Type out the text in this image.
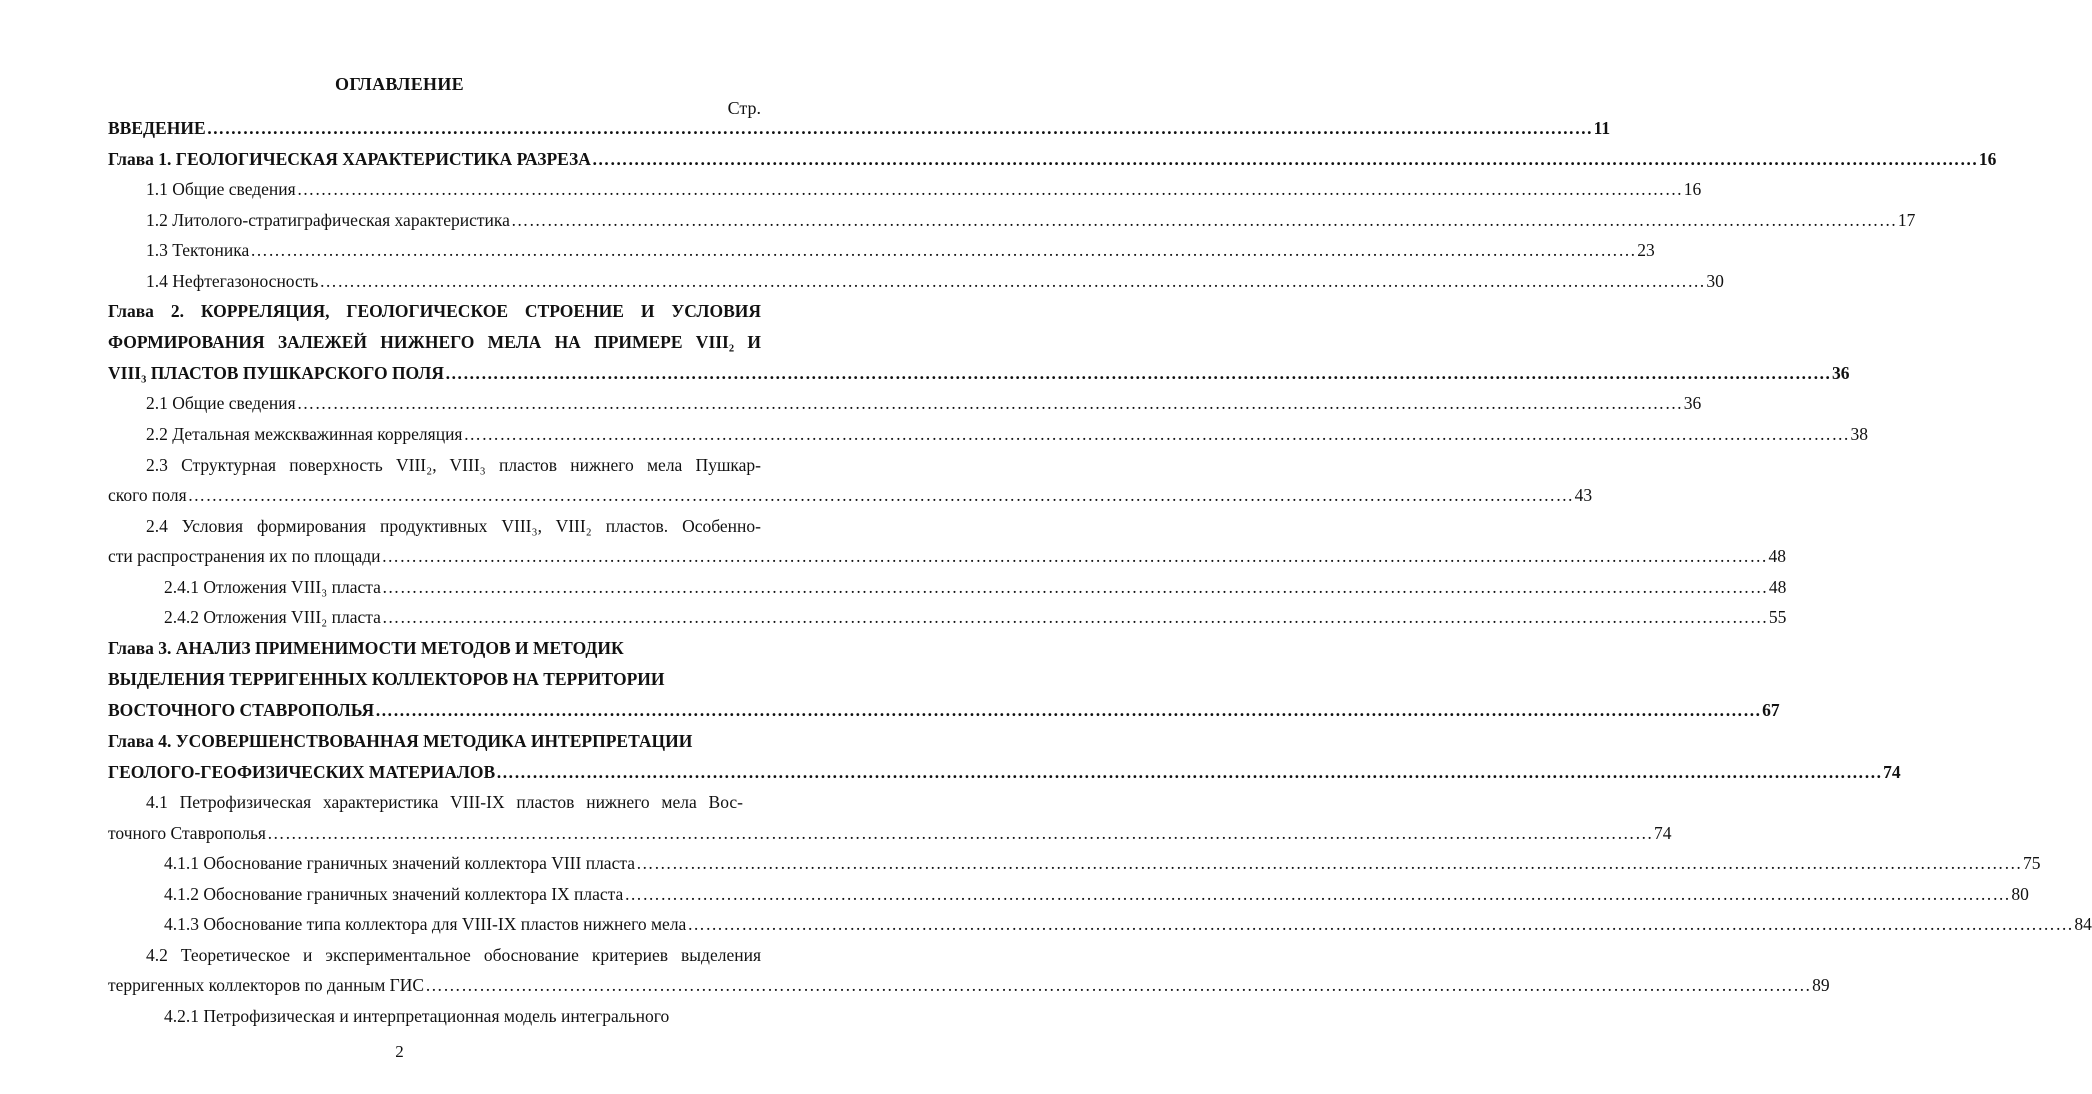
ОГЛАВЛЕНИЕ
Стр.
ВВЕДЕНИЕ …………………………………………………………………………………………………………………………………………………………………………………………………………… 11
Глава 1. ГЕОЛОГИЧЕСКАЯ ХАРАКТЕРИСТИКА РАЗРЕЗА …………………………………………………………………………………………………………………………………………………………………………………………………………… 16
1.1 Общие сведения …………………………………………………………………………………………………………………………………………………………………………………………………………… 16
1.2 Литолого-стратиграфическая характеристика …………………………………………………………………………………………………………………………………………………………………………………………………………… 17
1.3 Тектоника …………………………………………………………………………………………………………………………………………………………………………………………………………… 23
1.4 Нефтегазоносность …………………………………………………………………………………………………………………………………………………………………………………………………………… 30
Глава 2. КОРРЕЛЯЦИЯ, ГЕОЛОГИЧЕСКОЕ СТРОЕНИЕ И УСЛОВИЯ
ФОРМИРОВАНИЯ ЗАЛЕЖЕЙ НИЖНЕГО МЕЛА НА ПРИМЕРЕ VIII₂ И
VIII₃ ПЛАСТОВ ПУШКАРСКОГО ПОЛЯ …………………………………………………………………………………………………………………………………………………………………………………………………………… 36
2.1 Общие сведения …………………………………………………………………………………………………………………………………………………………………………………………………………… 36
2.2 Детальная межскважинная корреляция …………………………………………………………………………………………………………………………………………………………………………………………………………… 38
2.3 Структурная поверхность VIII₂, VIII₃ пластов нижнего мела Пушкар-
ского поля …………………………………………………………………………………………………………………………………………………………………………………………………………… 43
2.4 Условия формирования продуктивных VIII₃, VIII₂ пластов. Особенно-
сти распространения их по площади …………………………………………………………………………………………………………………………………………………………………………………………………………… 48
2.4.1 Отложения VIII₃ пласта …………………………………………………………………………………………………………………………………………………………………………………………………………… 48
2.4.2 Отложения VIII₂ пласта …………………………………………………………………………………………………………………………………………………………………………………………………………… 55
Глава 3. АНАЛИЗ ПРИМЕНИМОСТИ МЕТОДОВ И МЕТОДИК
ВЫДЕЛЕНИЯ ТЕРРИГЕННЫХ КОЛЛЕКТОРОВ НА ТЕРРИТОРИИ
ВОСТОЧНОГО СТАВРОПОЛЬЯ …………………………………………………………………………………………………………………………………………………………………………………………………………… 67
Глава 4. УСОВЕРШЕНСТВОВАННАЯ МЕТОДИКА ИНТЕРПРЕТАЦИИ
ГЕОЛОГО-ГЕОФИЗИЧЕСКИХ МАТЕРИАЛОВ …………………………………………………………………………………………………………………………………………………………………………………………………………… 74
4.1 Петрофизическая характеристика VIII-IX пластов нижнего мела Вос-
точного Ставрополья …………………………………………………………………………………………………………………………………………………………………………………………………………… 74
4.1.1 Обоснование граничных значений коллектора VIII пласта …………………………………………………………………………………………………………………………………………………………………………………………………………… 75
4.1.2 Обоснование граничных значений коллектора IX пласта …………………………………………………………………………………………………………………………………………………………………………………………………………… 80
4.1.3 Обоснование типа коллектора для VIII-IX пластов нижнего мела …………………………………………………………………………………………………………………………………………………………………………………………………………… 84
4.2 Теоретическое и экспериментальное обоснование критериев выделения
терригенных коллекторов по данным ГИС …………………………………………………………………………………………………………………………………………………………………………………………………………… 89
4.2.1 Петрофизическая и интерпретационная модель интегрального
2
